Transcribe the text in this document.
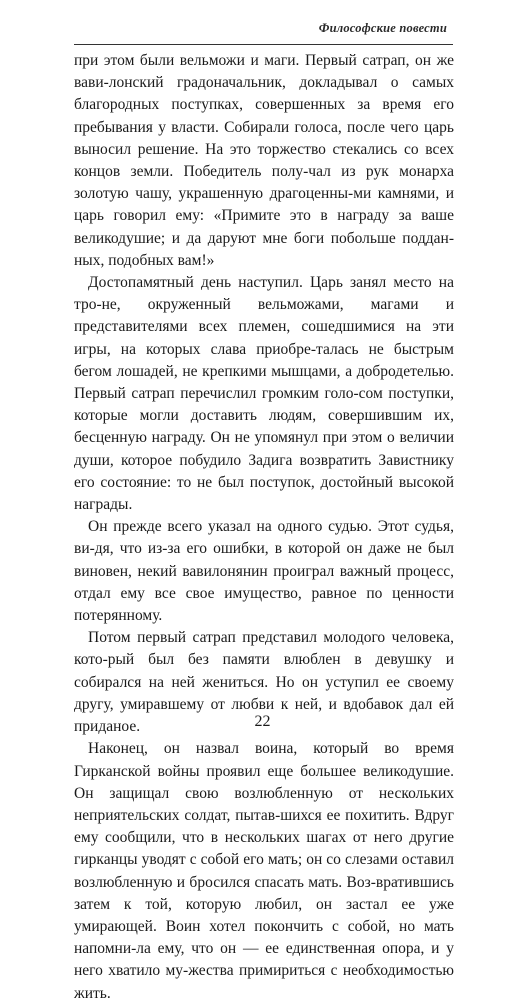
Философские повести

при этом были вельможи и маги. Первый сатрап, он же вави-лонский градоначальник, докладывал о самых благородных поступках, совершенных за время его пребывания у власти. Собирали голоса, после чего царь выносил решение. На это торжество стекались со всех концов земли. Победитель полу-чал из рук монарха золотую чашу, украшенную драгоценны-ми камнями, и царь говорил ему: «Примите это в награду за ваше великодушие; и да даруют мне боги побольше поддан-ных, подобных вам!»

Достопамятный день наступил. Царь занял место на тро-не, окруженный вельможами, магами и представителями всех племен, сошедшимися на эти игры, на которых слава приобре-талась не быстрым бегом лошадей, не крепкими мышцами, а добродетелью. Первый сатрап перечислил громким голо-сом поступки, которые могли доставить людям, совершившим их, бесценную награду. Он не упомянул при этом о величии души, которое побудило Задига возвратить Завистнику его состояние: то не был поступок, достойный высокой награды.

Он прежде всего указал на одного судью. Этот судья, ви-дя, что из-за его ошибки, в которой он даже не был виновен, некий вавилонянин проиграл важный процесс, отдал ему все свое имущество, равное по ценности потерянному.

Потом первый сатрап представил молодого человека, кото-рый был без памяти влюблен в девушку и собирался на ней жениться. Но он уступил ее своему другу, умиравшему от любви к ней, и вдобавок дал ей приданое.

Наконец, он назвал воина, который во время Гирканской войны проявил еще большее великодушие. Он защищал свою возлюбленную от нескольких неприятельских солдат, пытав-шихся ее похитить. Вдруг ему сообщили, что в нескольких шагах от него другие гирканцы уводят с собой его мать; он со слезами оставил возлюбленную и бросился спасать мать. Воз-вратившись затем к той, которую любил, он застал ее уже умирающей. Воин хотел покончить с собой, но мать напомни-ла ему, что он — ее единственная опора, и у него хватило му-жества примириться с необходимостью жить.

22
